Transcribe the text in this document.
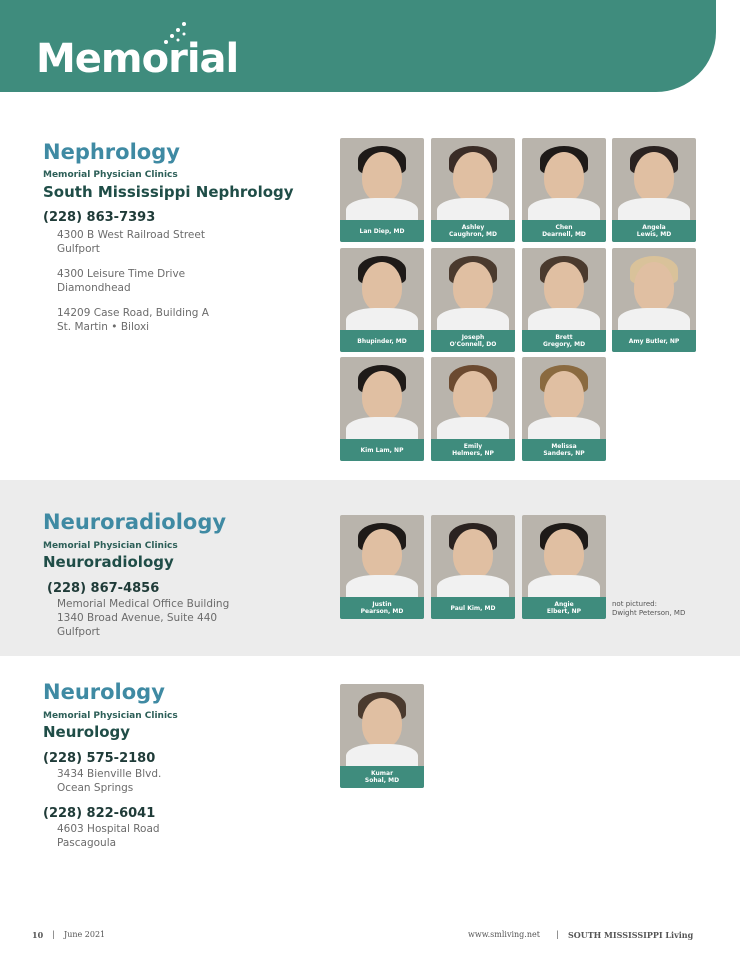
Memorial
Nephrology
Memorial Physician Clinics
South Mississippi Nephrology
(228) 863-7393
4300 B West Railroad Street
Gulfport
4300 Leisure Time Drive
Diamondhead
14209 Case Road, Building A
St. Martin • Biloxi
Neuroradiology
Memorial Physician Clinics
Neuroradiology
(228) 867-4856
Memorial Medical Office Building
1340 Broad Avenue, Suite 440
Gulfport
Neurology
Memorial Physician Clinics
Neurology
(228) 575-2180
3434 Bienville Blvd.
Ocean Springs
(228) 822-6041
4603 Hospital Road
Pascagoula
not pictured:
Dwight Peterson, MD
Lan Diep, MD	Ashley
Caughron, MD
Chen
Dearnell, MD
Angela
Lewis, MD
Bhupinder, MD	Joseph
O'Connell, DO
Brett
Gregory, MD	Amy Butler, NP
Kim Lam, NP	Emily
Helmers, NP
Melissa
Sanders, NP
Justin
Pearson, MD	Paul Kim, MD	Angie
Elbert, NP
Kumar
Sohal, MD
10 | June 2021	www.smliving.net | SOUTH MISSISSIPPI Living
